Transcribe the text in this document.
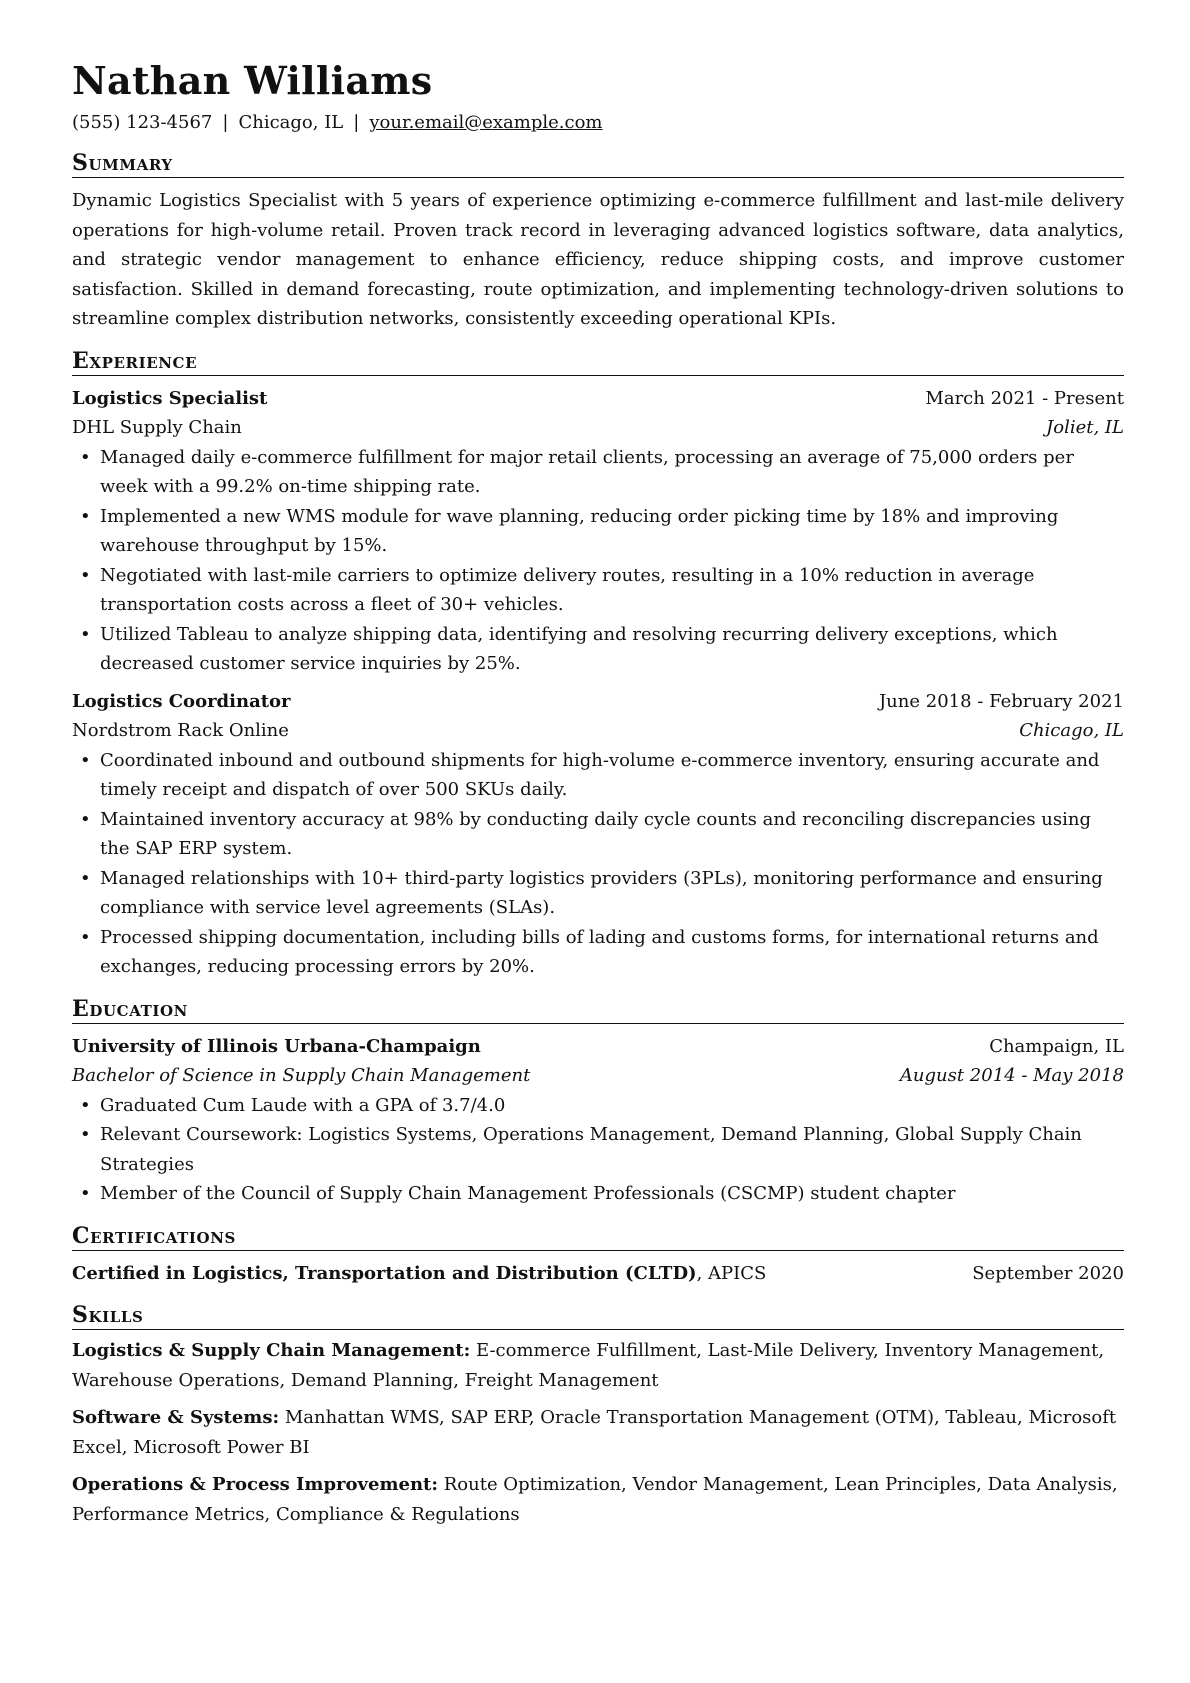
Nathan Williams
(555) 123-4567 | Chicago, IL | your.email@example.com
Summary
Dynamic Logistics Specialist with 5 years of experience optimizing e-commerce fulfillment and last-mile delivery operations for high-volume retail. Proven track record in leveraging advanced logistics software, data analytics, and strategic vendor management to enhance efficiency, reduce shipping costs, and improve customer satisfaction. Skilled in demand forecasting, route optimization, and implementing technology-driven solutions to streamline complex distribution networks, consistently exceeding operational KPIs.
Experience
Logistics Specialist	March 2021 - Present
DHL Supply Chain	Joliet, IL
• Managed daily e-commerce fulfillment for major retail clients, processing an average of 75,000 orders per week with a 99.2% on-time shipping rate.
• Implemented a new WMS module for wave planning, reducing order picking time by 18% and improving warehouse throughput by 15%.
• Negotiated with last-mile carriers to optimize delivery routes, resulting in a 10% reduction in average transportation costs across a fleet of 30+ vehicles.
• Utilized Tableau to analyze shipping data, identifying and resolving recurring delivery exceptions, which decreased customer service inquiries by 25%.
Logistics Coordinator	June 2018 - February 2021
Nordstrom Rack Online	Chicago, IL
• Coordinated inbound and outbound shipments for high-volume e-commerce inventory, ensuring accurate and timely receipt and dispatch of over 500 SKUs daily.
• Maintained inventory accuracy at 98% by conducting daily cycle counts and reconciling discrepancies using the SAP ERP system.
• Managed relationships with 10+ third-party logistics providers (3PLs), monitoring performance and ensuring compliance with service level agreements (SLAs).
• Processed shipping documentation, including bills of lading and customs forms, for international returns and exchanges, reducing processing errors by 20%.
Education
University of Illinois Urbana-Champaign	Champaign, IL
Bachelor of Science in Supply Chain Management	August 2014 - May 2018
• Graduated Cum Laude with a GPA of 3.7/4.0
• Relevant Coursework: Logistics Systems, Operations Management, Demand Planning, Global Supply Chain Strategies
• Member of the Council of Supply Chain Management Professionals (CSCMP) student chapter
Certifications
Certified in Logistics, Transportation and Distribution (CLTD), APICS	September 2020
Skills
Logistics & Supply Chain Management: E-commerce Fulfillment, Last-Mile Delivery, Inventory Management, Warehouse Operations, Demand Planning, Freight Management
Software & Systems: Manhattan WMS, SAP ERP, Oracle Transportation Management (OTM), Tableau, Microsoft Excel, Microsoft Power BI
Operations & Process Improvement: Route Optimization, Vendor Management, Lean Principles, Data Analysis, Performance Metrics, Compliance & Regulations
